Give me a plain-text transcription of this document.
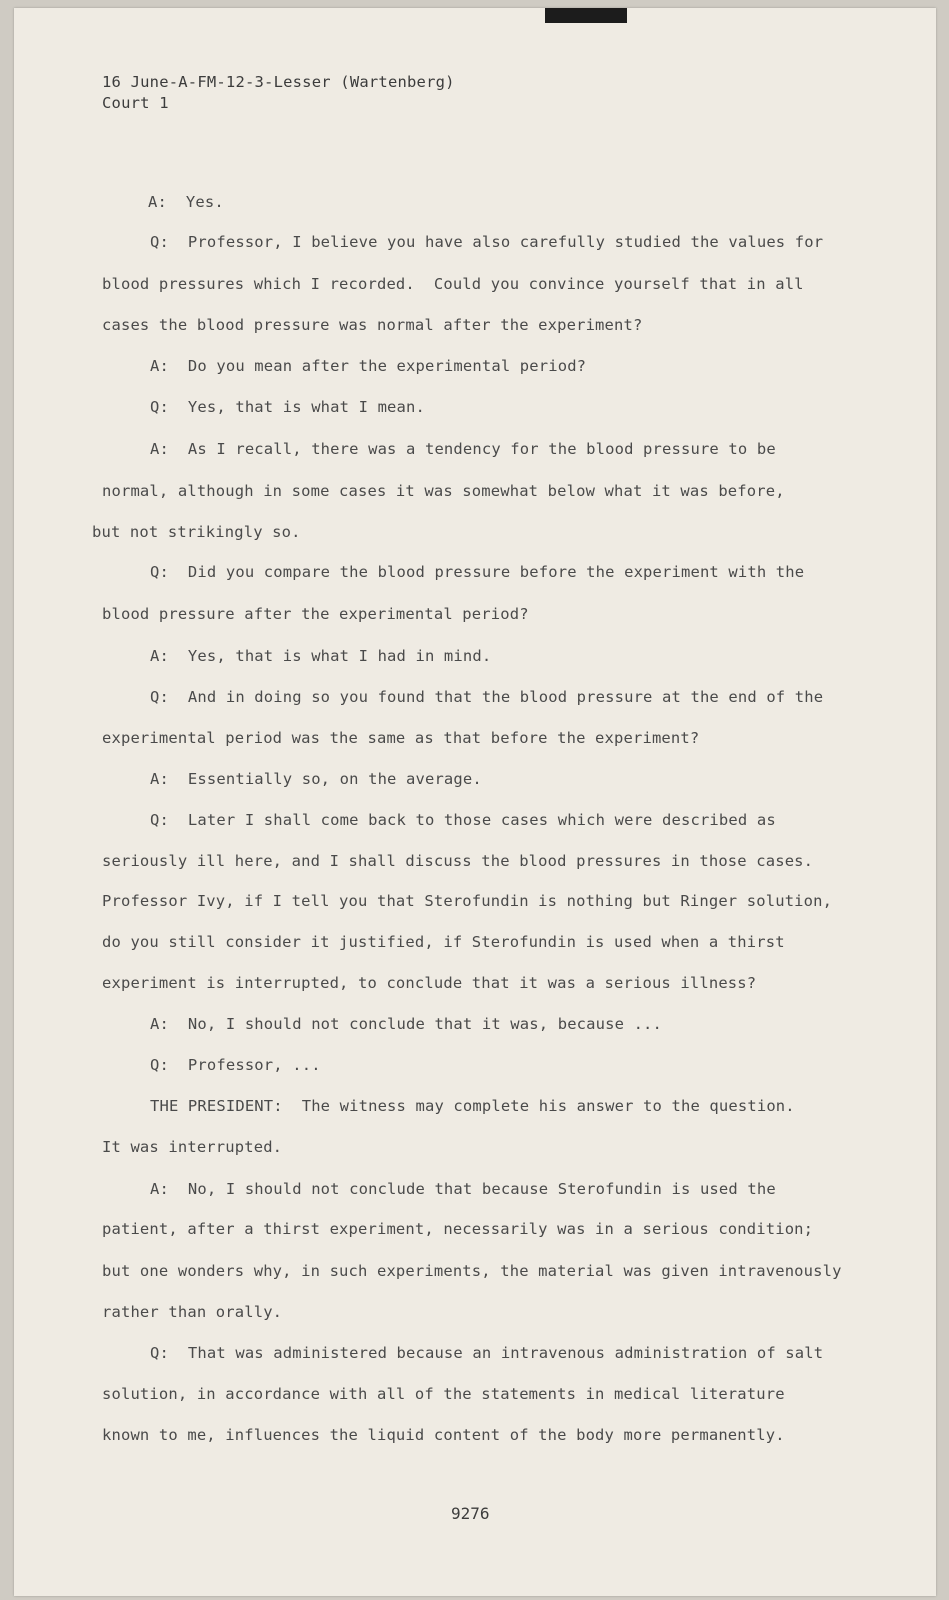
16 June-A-FM-12-3-Lesser (Wartenberg)
Court 1
A:  Yes.
Q:  Professor, I believe you have also carefully studied the values for
blood pressures which I recorded.  Could you convince yourself that in all
cases the blood pressure was normal after the experiment?
A:  Do you mean after the experimental period?
Q:  Yes, that is what I mean.
A:  As I recall, there was a tendency for the blood pressure to be
normal, although in some cases it was somewhat below what it was before,
but not strikingly so.
Q:  Did you compare the blood pressure before the experiment with the
blood pressure after the experimental period?
A:  Yes, that is what I had in mind.
Q:  And in doing so you found that the blood pressure at the end of the
experimental period was the same as that before the experiment?
A:  Essentially so, on the average.
Q:  Later I shall come back to those cases which were described as
seriously ill here, and I shall discuss the blood pressures in those cases.
Professor Ivy, if I tell you that Sterofundin is nothing but Ringer solution,
do you still consider it justified, if Sterofundin is used when a thirst
experiment is interrupted, to conclude that it was a serious illness?
A:  No, I should not conclude that it was, because ...
Q:  Professor, ...
THE PRESIDENT:  The witness may complete his answer to the question.
It was interrupted.
A:  No, I should not conclude that because Sterofundin is used the
patient, after a thirst experiment, necessarily was in a serious condition;
but one wonders why, in such experiments, the material was given intravenously
rather than orally.
Q:  That was administered because an intravenous administration of salt
solution, in accordance with all of the statements in medical literature
known to me, influences the liquid content of the body more permanently.
9276
